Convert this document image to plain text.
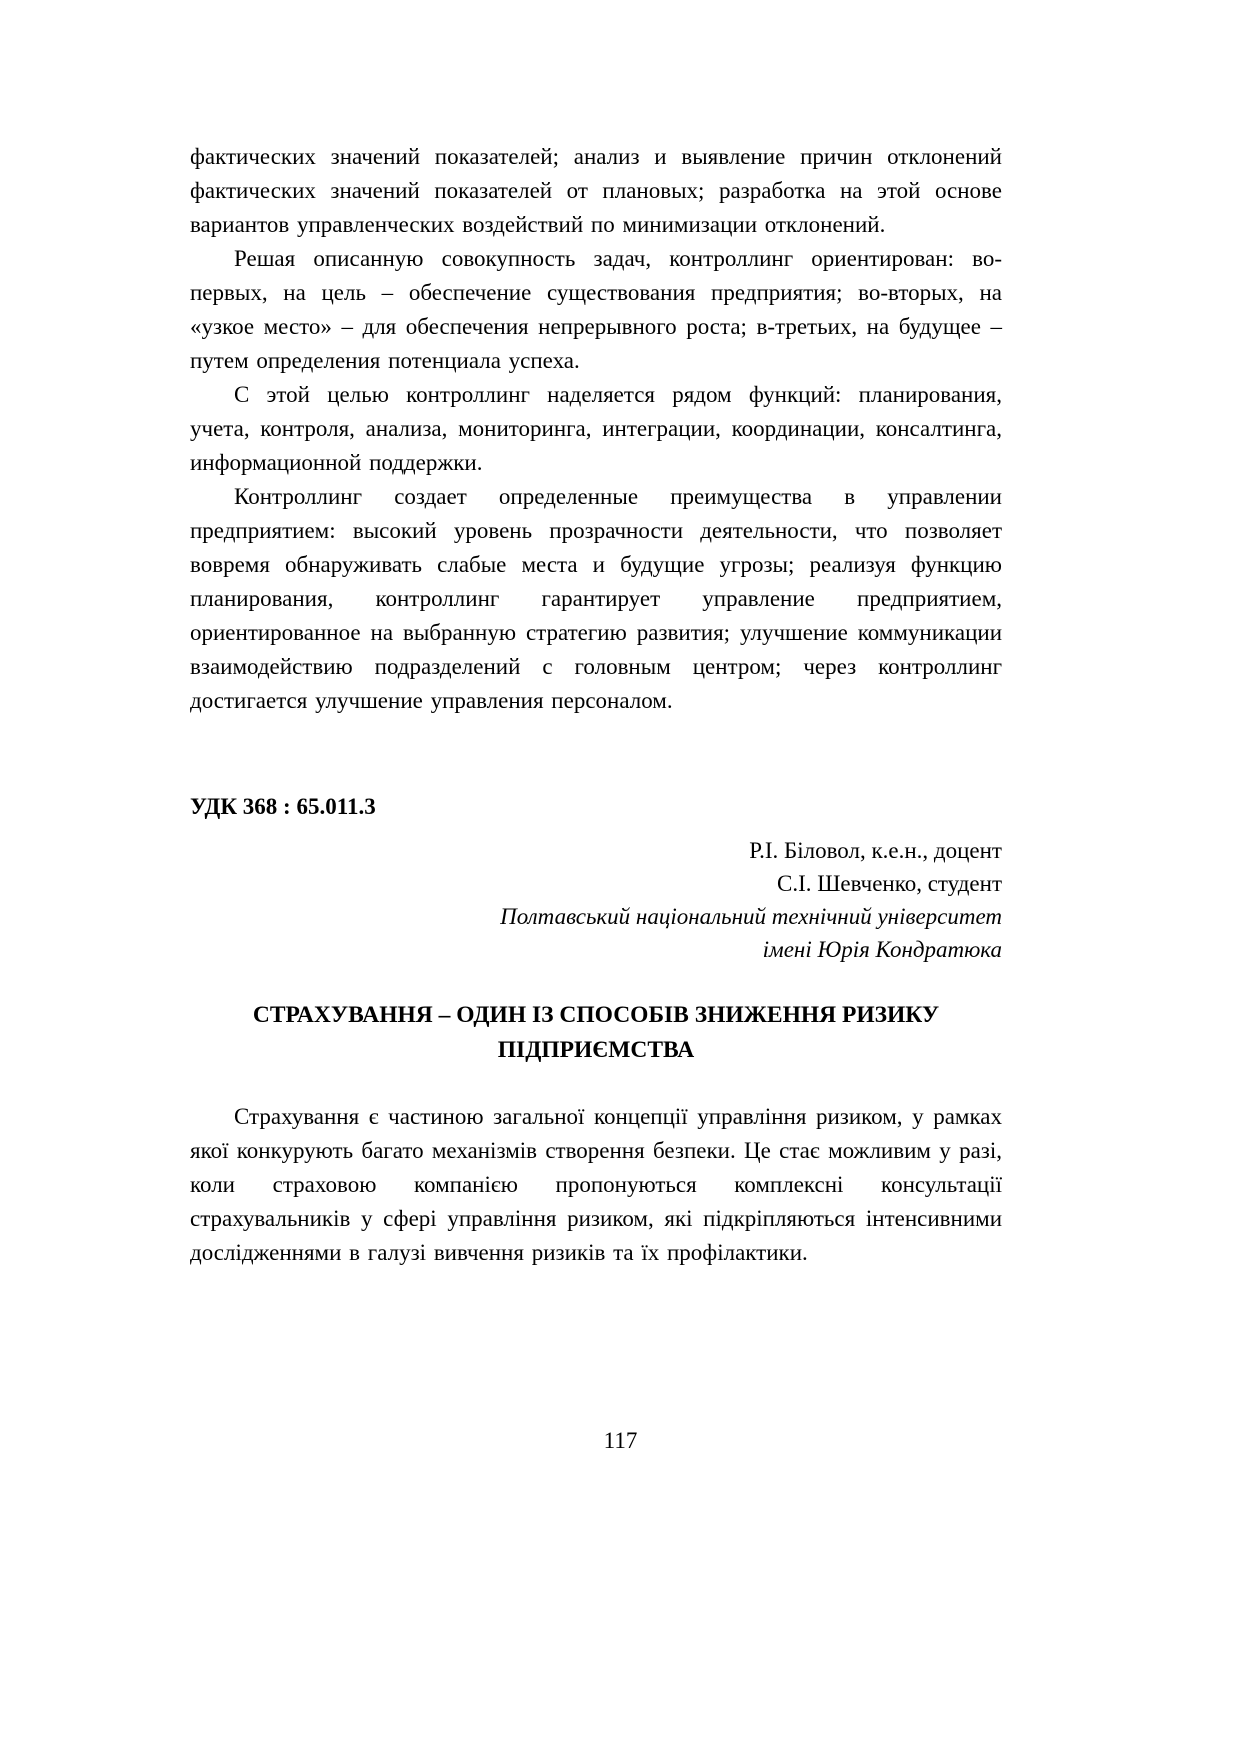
фактических значений показателей; анализ и выявление причин отклонений фактических значений показателей от плановых; разработка на этой основе вариантов управленческих воздействий по минимизации отклонений.

Решая описанную совокупность задач, контроллинг ориентирован: во-первых, на цель – обеспечение существования предприятия; во-вторых, на «узкое место» – для обеспечения непрерывного роста; в-третьих, на будущее – путем определения потенциала успеха.

С этой целью контроллинг наделяется рядом функций: планирования, учета, контроля, анализа, мониторинга, интеграции, координации, консалтинга, информационной поддержки.

Контроллинг создает определенные преимущества в управлении предприятием: высокий уровень прозрачности деятельности, что позволяет вовремя обнаруживать слабые места и будущие угрозы; реализуя функцию планирования, контроллинг гарантирует управление предприятием, ориентированное на выбранную стратегию развития; улучшение коммуникации взаимодействию подразделений с головным центром; через контроллинг достигается улучшение управления персоналом.

УДК 368 : 65.011.3

Р.І. Біловол, к.е.н., доцент

С.І. Шевченко, студент

Полтавський національний технічний університет

імені Юрія Кондратюка

СТРАХУВАННЯ – ОДИН ІЗ СПОСОБІВ ЗНИЖЕННЯ РИЗИКУ ПІДПРИЄМСТВА

Страхування є частиною загальної концепції управління ризиком, у рамках якої конкурують багато механізмів створення безпеки. Це стає можливим у разі, коли страховою компанією пропонуються комплексні консультації страхувальників у сфері управління ризиком, які підкріпляються інтенсивними дослідженнями в галузі вивчення ризиків та їх профілактики.

117
